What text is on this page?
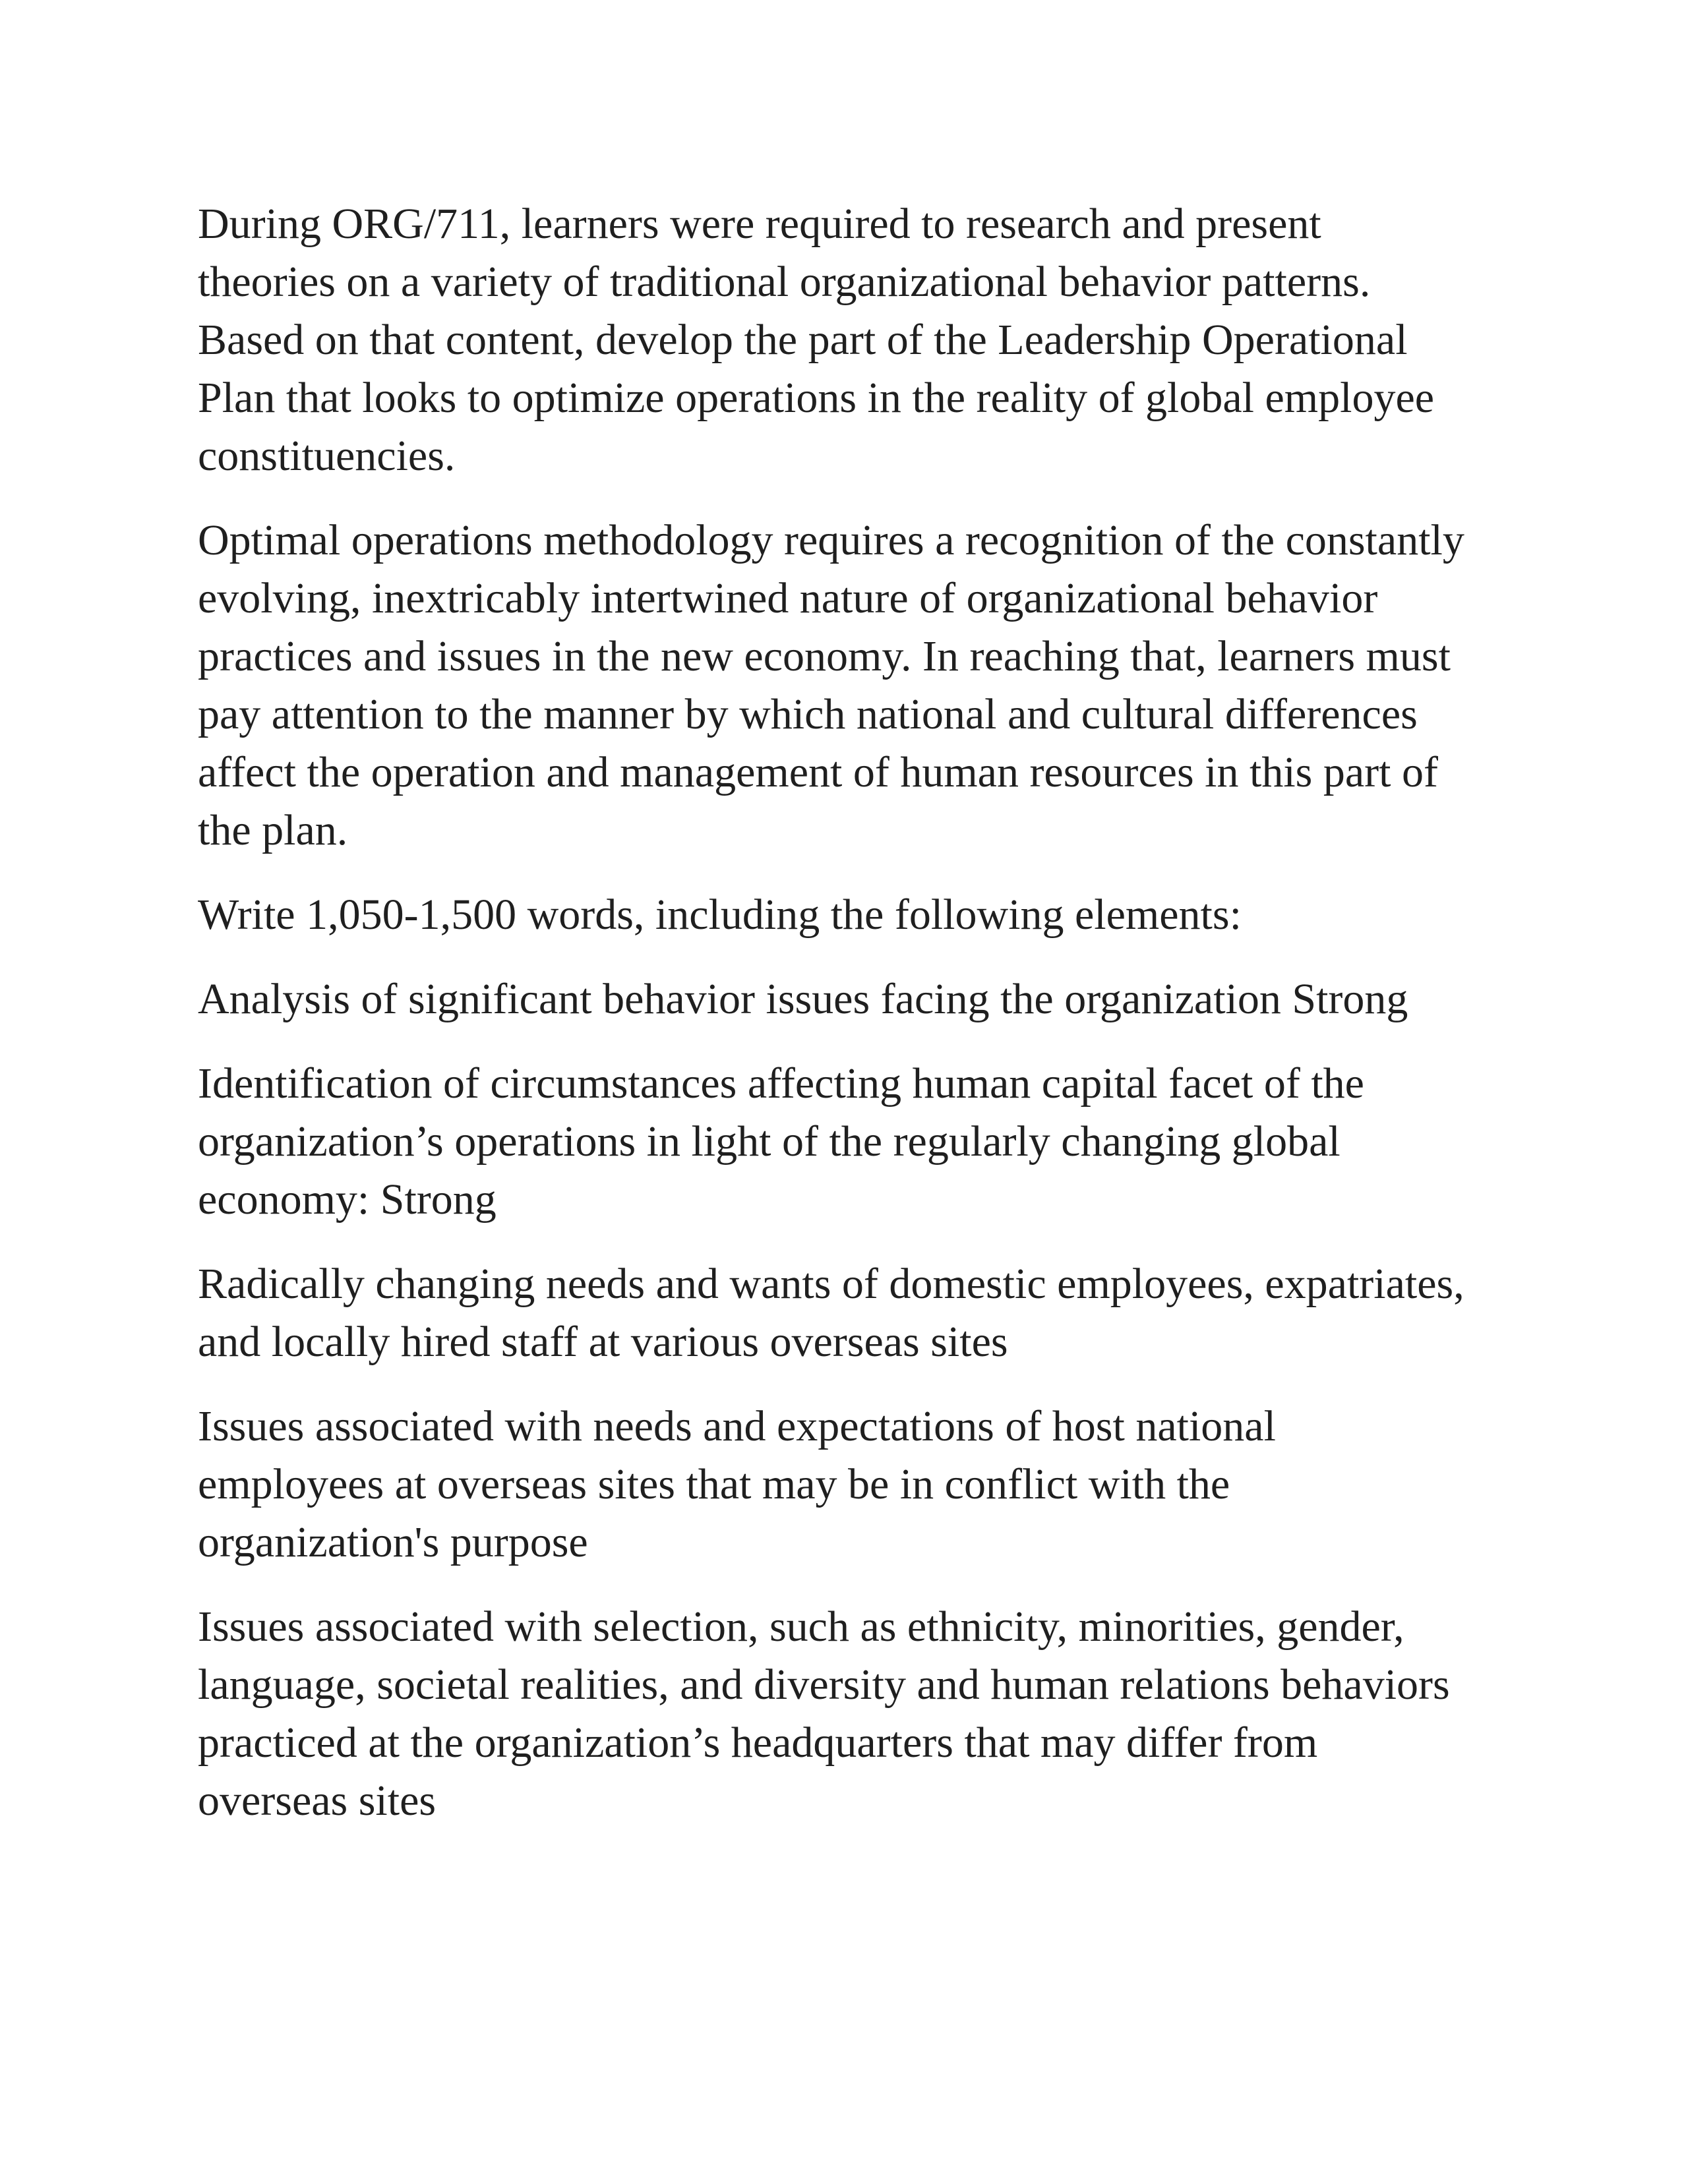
During ORG/711, learners were required to research and present
theories on a variety of traditional organizational behavior patterns.
Based on that content, develop the part of the Leadership Operational
Plan that looks to optimize operations in the reality of global employee
constituencies.

Optimal operations methodology requires a recognition of the constantly
evolving, inextricably intertwined nature of organizational behavior
practices and issues in the new economy. In reaching that, learners must
pay attention to the manner by which national and cultural differences
affect the operation and management of human resources in this part of
the plan.

Write 1,050-1,500 words, including the following elements:

Analysis of significant behavior issues facing the organization Strong

Identification of circumstances affecting human capital facet of the
organization’s operations in light of the regularly changing global
economy: Strong

Radically changing needs and wants of domestic employees, expatriates,
and locally hired staff at various overseas sites

Issues associated with needs and expectations of host national
employees at overseas sites that may be in conflict with the
organization's purpose

Issues associated with selection, such as ethnicity, minorities, gender,
language, societal realities, and diversity and human relations behaviors
practiced at the organization’s headquarters that may differ from
overseas sites
